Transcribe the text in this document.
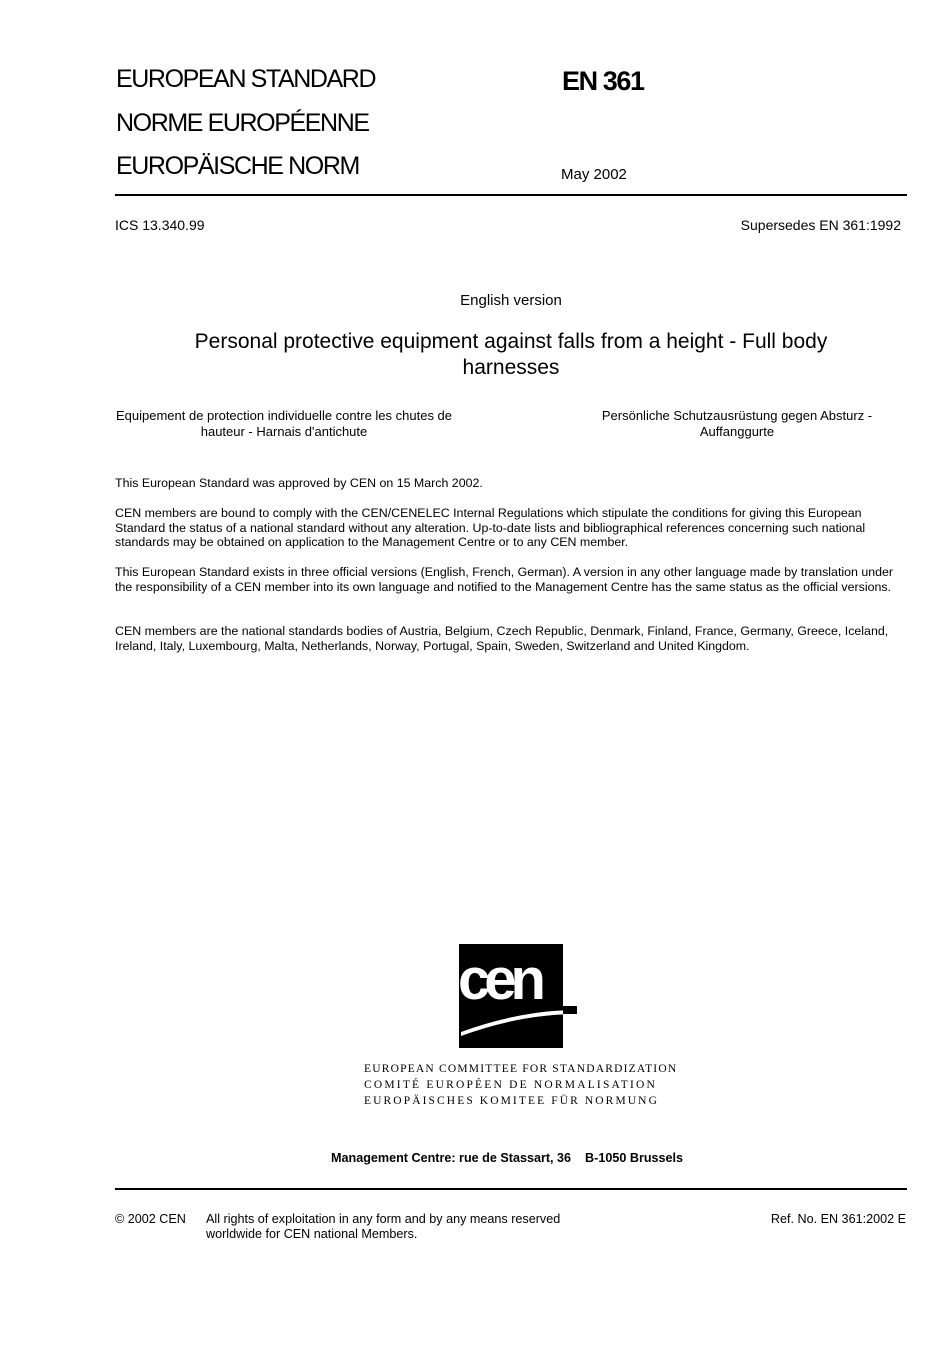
EUROPEAN STANDARD
NORME EUROPÉENNE
EUROPÄISCHE NORM
EN 361
May 2002
ICS 13.340.99	Supersedes EN 361:1992
English version
Personal protective equipment against falls from a height - Full body harnesses
Equipement de protection individuelle contre les chutes de hauteur - Harnais d'antichute
Persönliche Schutzausrüstung gegen Absturz - Auffanggurte
This European Standard was approved by CEN on 15 March 2002.
CEN members are bound to comply with the CEN/CENELEC Internal Regulations which stipulate the conditions for giving this European Standard the status of a national standard without any alteration. Up-to-date lists and bibliographical references concerning such national standards may be obtained on application to the Management Centre or to any CEN member.
This European Standard exists in three official versions (English, French, German). A version in any other language made by translation under the responsibility of a CEN member into its own language and notified to the Management Centre has the same status as the official versions.
CEN members are the national standards bodies of Austria, Belgium, Czech Republic, Denmark, Finland, France, Germany, Greece, Iceland, Ireland, Italy, Luxembourg, Malta, Netherlands, Norway, Portugal, Spain, Sweden, Switzerland and United Kingdom.
cen
EUROPEAN COMMITTEE FOR STANDARDIZATION
COMITÉ EUROPÉEN DE NORMALISATION
EUROPÄISCHES KOMITEE FÜR NORMUNG
Management Centre: rue de Stassart, 36    B-1050 Brussels
© 2002 CEN All rights of exploitation in any form and by any means reserved worldwide for CEN national Members.
Ref. No. EN 361:2002 E
